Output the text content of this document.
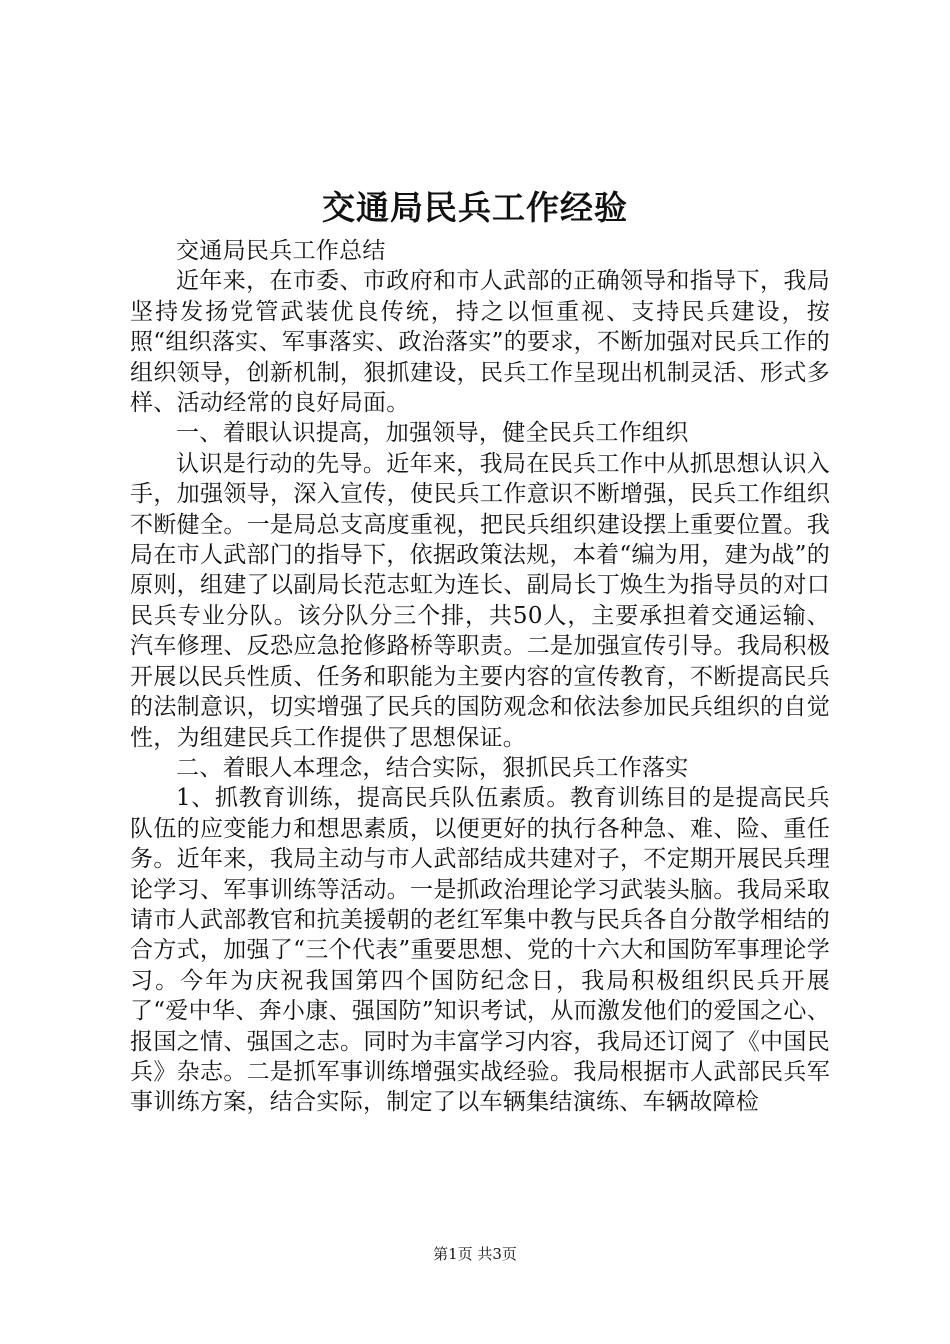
交通局民兵工作经验

交通局民兵工作总结

近年来，在市委、市政府和市人武部的正确领导和指导下，我局坚持发扬党管武装优良传统，持之以恒重视、支持民兵建设，按照“组织落实、军事落实、政治落实”的要求，不断加强对民兵工作的组织领导，创新机制，狠抓建设，民兵工作呈现出机制灵活、形式多样、活动经常的良好局面。

一、着眼认识提高，加强领导，健全民兵工作组织

认识是行动的先导。近年来，我局在民兵工作中从抓思想认识入手，加强领导，深入宣传，使民兵工作意识不断增强，民兵工作组织不断健全。一是局总支高度重视，把民兵组织建设摆上重要位置。我局在市人武部门的指导下，依据政策法规，本着“编为用，建为战”的原则，组建了以副局长范志虹为连长、副局长丁焕生为指导员的对口民兵专业分队。该分队分三个排，共50人，主要承担着交通运输、汽车修理、反恐应急抢修路桥等职责。二是加强宣传引导。我局积极开展以民兵性质、任务和职能为主要内容的宣传教育，不断提高民兵的法制意识，切实增强了民兵的国防观念和依法参加民兵组织的自觉性，为组建民兵工作提供了思想保证。

二、着眼人本理念，结合实际，狠抓民兵工作落实

1、抓教育训练，提高民兵队伍素质。教育训练目的是提高民兵队伍的应变能力和想思素质，以便更好的执行各种急、难、险、重任务。近年来，我局主动与市人武部结成共建对子，不定期开展民兵理论学习、军事训练等活动。一是抓政治理论学习武装头脑。我局采取请市人武部教官和抗美援朝的老红军集中教与民兵各自分散学相结的合方式，加强了“三个代表”重要思想、党的十六大和国防军事理论学习。今年为庆祝我国第四个国防纪念日，我局积极组织民兵开展了“爱中华、奔小康、强国防”知识考试，从而激发他们的爱国之心、报国之情、强国之志。同时为丰富学习内容，我局还订阅了《中国民兵》杂志。二是抓军事训练增强实战经验。我局根据市人武部民兵军事训练方案，结合实际，制定了以车辆集结演练、车辆故障检

第1页 共3页
